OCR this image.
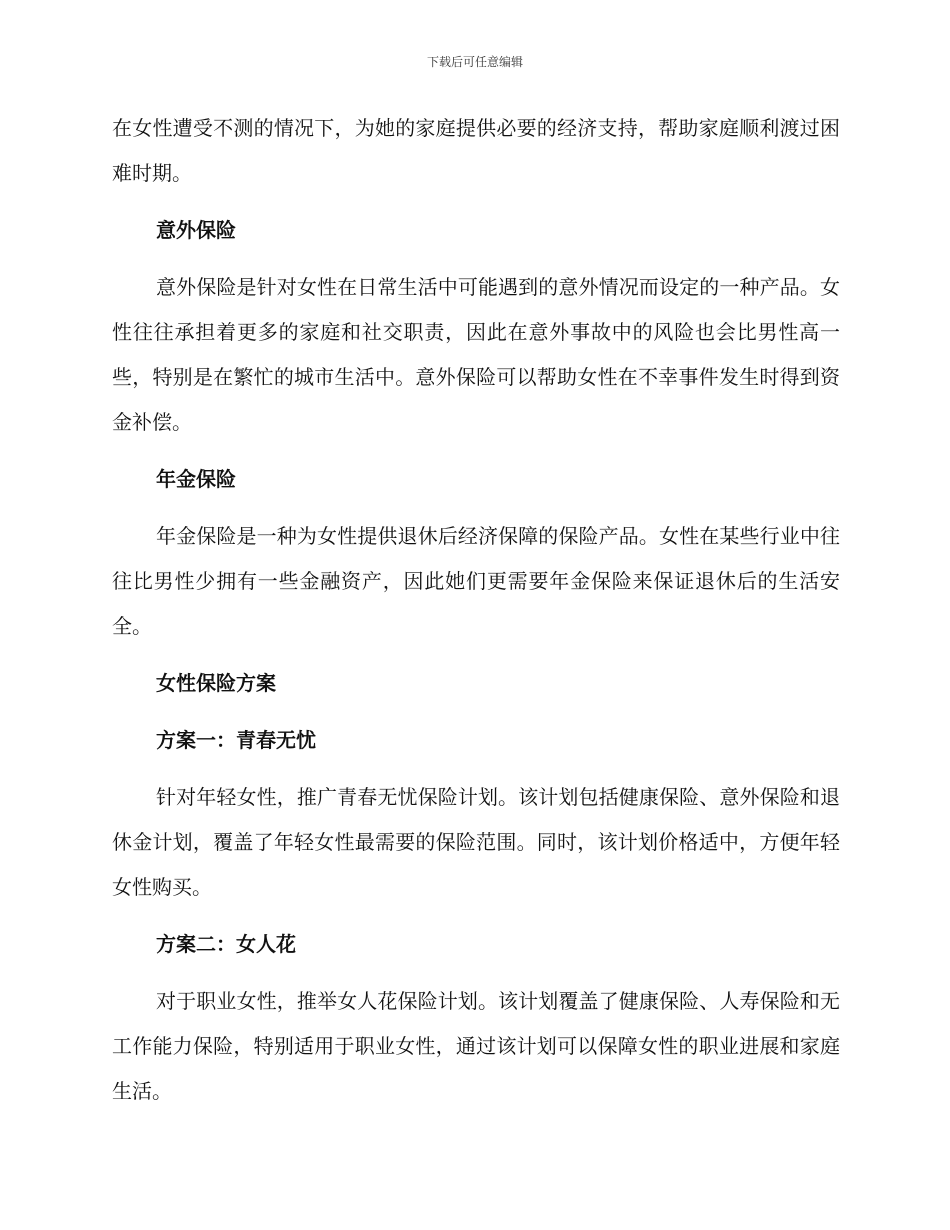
下载后可任意编辑

在女性遭受不测的情况下，为她的家庭提供必要的经济支持，帮助家庭顺利渡过困难时期。

意外保险

意外保险是针对女性在日常生活中可能遇到的意外情况而设定的一种产品。女性往往承担着更多的家庭和社交职责，因此在意外事故中的风险也会比男性高一些，特别是在繁忙的城市生活中。意外保险可以帮助女性在不幸事件发生时得到资金补偿。

年金保险

年金保险是一种为女性提供退休后经济保障的保险产品。女性在某些行业中往往比男性少拥有一些金融资产，因此她们更需要年金保险来保证退休后的生活安全。

女性保险方案

方案一：青春无忧

针对年轻女性，推广青春无忧保险计划。该计划包括健康保险、意外保险和退休金计划，覆盖了年轻女性最需要的保险范围。同时，该计划价格适中，方便年轻女性购买。

方案二：女人花

对于职业女性，推举女人花保险计划。该计划覆盖了健康保险、人寿保险和无工作能力保险，特别适用于职业女性，通过该计划可以保障女性的职业进展和家庭生活。
